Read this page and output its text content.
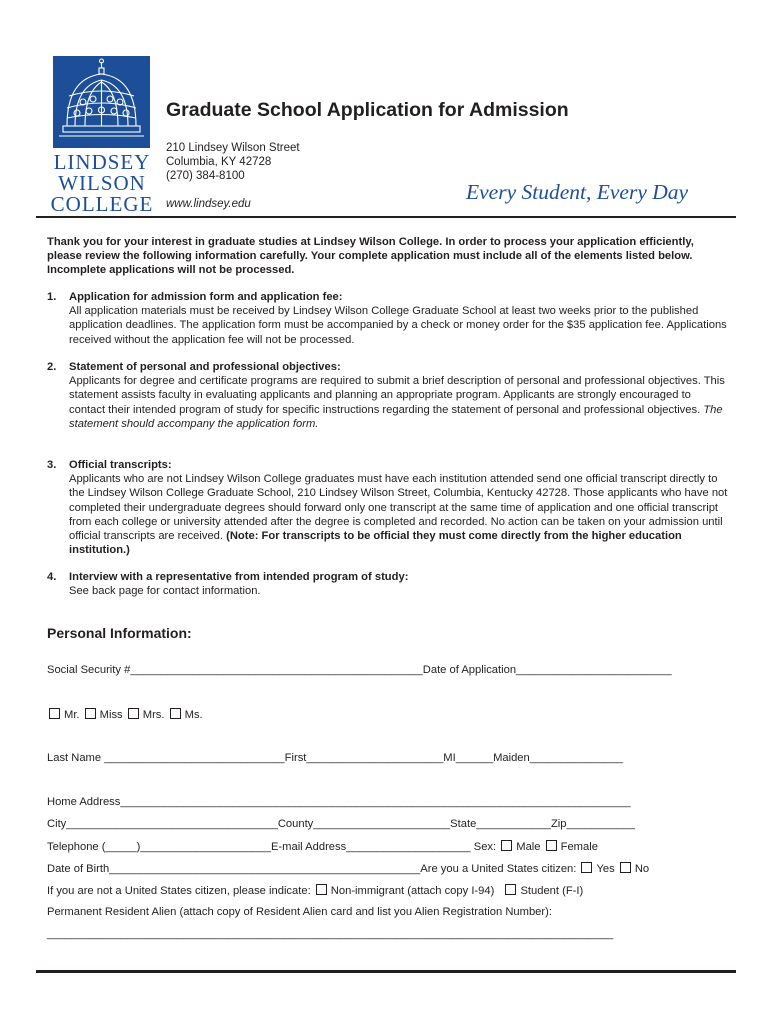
LINDSEY
WILSON
COLLEGE
Graduate School Application for Admission
210 Lindsey Wilson Street
Columbia, KY 42728
(270) 384-8100
www.lindsey.edu	Every Student, Every Day
Thank you for your interest in graduate studies at Lindsey Wilson College. In order to process your application efficiently, please review the following information carefully. Your complete application must include all of the elements listed below. Incomplete applications will not be processed.
1. Application for admission form and application fee:
All application materials must be received by Lindsey Wilson College Graduate School at least two weeks prior to the published application deadlines. The application form must be accompanied by a check or money order for the $35 application fee. Applications received without the application fee will not be processed.
2. Statement of personal and professional objectives:
Applicants for degree and certificate programs are required to submit a brief description of personal and professional objectives. This statement assists faculty in evaluating applicants and planning an appropriate program. Applicants are strongly encouraged to contact their intended program of study for specific instructions regarding the statement of personal and professional objectives. The statement should accompany the application form.
3. Official transcripts:
Applicants who are not Lindsey Wilson College graduates must have each institution attended send one official transcript directly to the Lindsey Wilson College Graduate School, 210 Lindsey Wilson Street, Columbia, Kentucky 42728. Those applicants who have not completed their undergraduate degrees should forward only one transcript at the same time of application and one official transcript from each college or university attended after the degree is completed and recorded. No action can be taken on your admission until official transcripts are received. (Note: For transcripts to be official they must come directly from the higher education institution.)
4. Interview with a representative from intended program of study:
See back page for contact information.
Personal Information:
Social Security #_______________________________________________Date of Application_________________________
Mr. Miss Mrs. Ms.
Last Name _____________________________First______________________MI______Maiden_______________
Home Address__________________________________________________________________________________
City__________________________________County______________________State____________Zip___________
Telephone (_____)_____________________E-mail Address____________________ Sex: Male Female
Date of Birth__________________________________________________Are you a United States citizen: Yes No
If you are not a United States citizen, please indicate: Non-immigrant (attach copy I-94) Student (F-I)
Permanent Resident Alien (attach copy of Resident Alien card and list you Alien Registration Number):
___________________________________________________________________________________________
